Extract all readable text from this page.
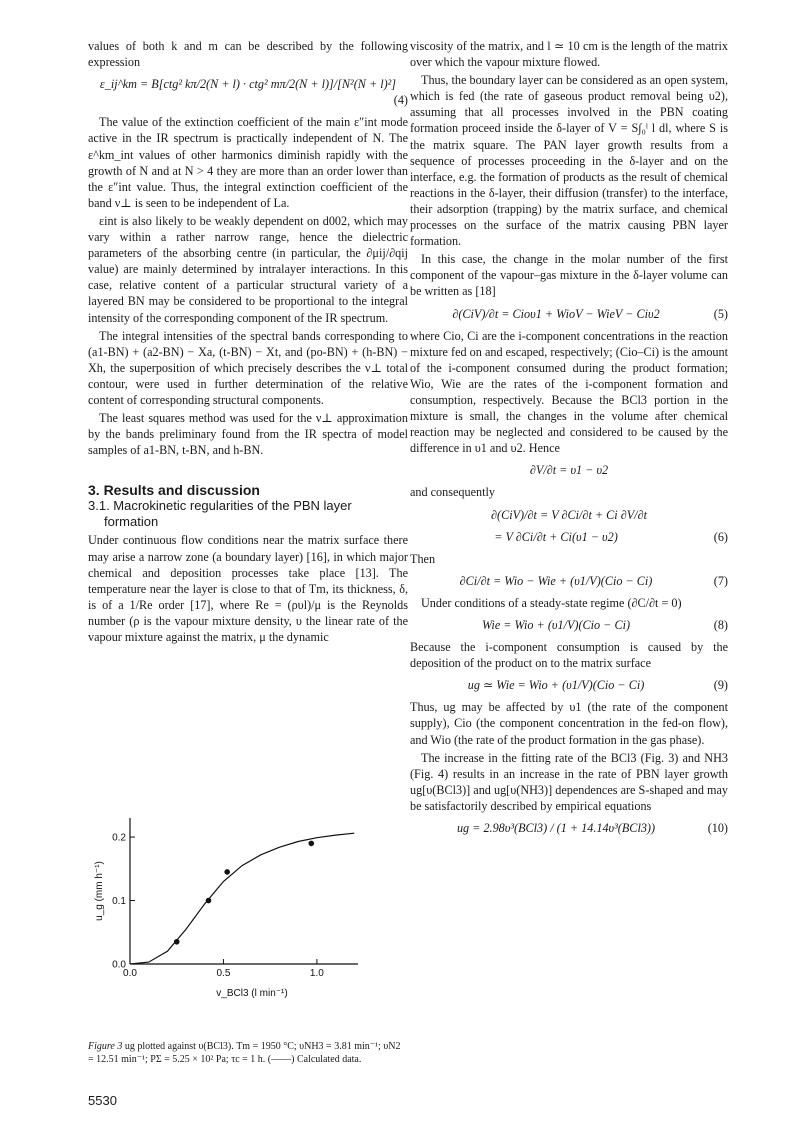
values of both k and m can be described by the following expression

ε_ij^km = B[ctg² kπ/2(N + l) · ctg² mπ/2(N + l)]/[N²(N + l)²]
(4)

The value of the extinction coefficient of the main ε″int mode active in the IR spectrum is practically independent of N. The ε^km_int values of other harmonics diminish rapidly with the growth of N and at N > 4 they are more than an order lower than the ε″int value. Thus, the integral extinction coefficient of the band ν⊥ is seen to be independent of La.

εint is also likely to be weakly dependent on d002, which may vary within a rather narrow range, hence the dielectric parameters of the absorbing centre (in particular, the ∂μij/∂qij value) are mainly determined by intralayer interactions. In this case, relative content of a particular structural variety of a layered BN may be considered to be proportional to the integral intensity of the corresponding component of the IR spectrum.

The integral intensities of the spectral bands corresponding to (a1-BN) + (a2-BN) − Xa, (t-BN) − Xt, and (po-BN) + (h-BN) − Xh, the superposition of which precisely describes the ν⊥ total contour, were used in further determination of the relative content of corresponding structural components.

The least squares method was used for the ν⊥ approximation by the bands preliminary found from the IR spectra of model samples of a1-BN, t-BN, and h-BN.

3. Results and discussion
3.1. Macrokinetic regularities of the PBN layer formation

Under continuous flow conditions near the matrix surface there may arise a narrow zone (a boundary layer) [16], in which major chemical and deposition processes take place [13]. The temperature near the layer is close to that of Tm, its thickness, δ, is of a 1/Re order [17], where Re = (ρυl)/μ is the Reynolds number (ρ is the vapour mixture density, υ the linear rate of the vapour mixture against the matrix, μ the dynamic

viscosity of the matrix, and l ≃ 10 cm is the length of the matrix over which the vapour mixture flowed.

Thus, the boundary layer can be considered as an open system, which is fed (the rate of gaseous product removal being υ2), assuming that all processes involved in the PBN coating formation proceed inside the δ-layer of V = S∫₀ˡ l dl, where S is the matrix square. The PAN layer growth results from a sequence of processes proceeding in the δ-layer and on the interface, e.g. the formation of products as the result of chemical reactions in the δ-layer, their diffusion (transfer) to the interface, their adsorption (trapping) by the matrix surface, and chemical processes on the surface of the matrix causing PBN layer formation.

In this case, the change in the molar number of the first component of the vapour–gas mixture in the δ-layer volume can be written as [18]

∂(CiV)/∂t = Cioυ1 + WioV − WieV − Ciυ2	(5)

where Cio, Ci are the i-component concentrations in the reaction mixture fed on and escaped, respectively; (Cio–Ci) is the amount of the i-component consumed during the product formation; Wio, Wie are the rates of the i-component formation and consumption, respectively. Because the BCl3 portion in the mixture is small, the changes in the volume after chemical reaction may be neglected and considered to be caused by the difference in υ1 and υ2. Hence

∂V/∂t = υ1 − υ2

and consequently

∂(CiV)/∂t = V ∂Ci/∂t + Ci ∂V/∂t
= V ∂Ci/∂t + Ci(υ1 − υ2)	(6)

Then

∂Ci/∂t = Wio − Wie + (υ1/V)(Cio − Ci)	(7)

Under conditions of a steady-state regime (∂C/∂t = 0)

Wie = Wio + (υ1/V)(Cio − Ci)	(8)

Because the i-component consumption is caused by the deposition of the product on to the matrix surface

ug ≃ Wie = Wio + (υ1/V)(Cio − Ci)	(9)

Thus, ug may be affected by υ1 (the rate of the component supply), Cio (the component concentration in the fed-on flow), and Wio (the rate of the product formation in the gas phase).

The increase in the fitting rate of the BCl3 (Fig. 3) and NH3 (Fig. 4) results in an increase in the rate of PBN layer growth ug[υ(BCl3)] and ug[υ(NH3)] dependences are S-shaped and may be satisfactorily described by empirical equations

ug = 2.98υ³(BCl3) / (1 + 14.14υ³(BCl3))	(10)
0.0	0.5	1.0
0.0
0.1
0.2
v_BCl3 (l min⁻¹)
u_g (mm h⁻¹)
Figure 3 ug plotted against υ(BCl3). Tm = 1950 °C; υNH3 = 3.81 min⁻¹; υN2 = 12.51 min⁻¹; PΣ = 5.25 × 10² Pa; τc = 1 h. (——) Calculated data.
5530
